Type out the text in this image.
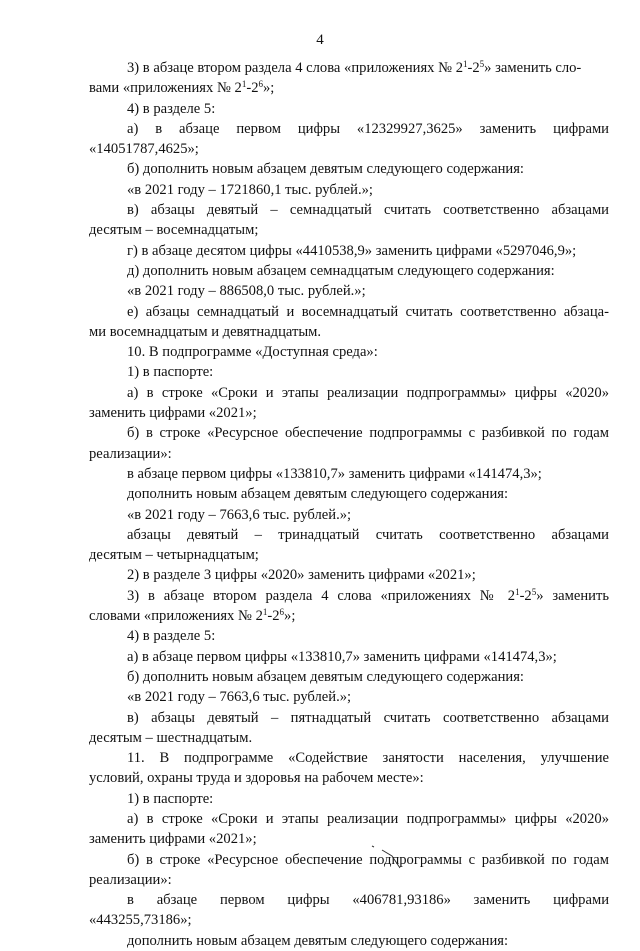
4
3) в абзаце втором раздела 4 слова «приложениях № $2^1-2^5$» заменить сло-
вами «приложениях № $2^1-2^6$»;
4) в разделе 5:
а) в абзаце первом цифры «12329927,3625» заменить цифрами
«14051787,4625»;
б) дополнить новым абзацем девятым следующего содержания:
«в 2021 году – 1721860,1 тыс. рублей.»;
в) абзацы девятый – семнадцатый считать соответственно абзацами
десятым – восемнадцатым;
г) в абзаце десятом цифры «4410538,9» заменить цифрами «5297046,9»;
д) дополнить новым абзацем семнадцатым следующего содержания:
«в 2021 году – 886508,0 тыс. рублей.»;
е) абзацы семнадцатый и восемнадцатый считать соответственно абзаца-
ми восемнадцатым и девятнадцатым.
10. В подпрограмме «Доступная среда»:
1) в паспорте:
а) в строке «Сроки и этапы реализации подпрограммы» цифры «2020»
заменить цифрами «2021»;
б) в строке «Ресурсное обеспечение подпрограммы с разбивкой по годам
реализации»:
в абзаце первом цифры «133810,7» заменить цифрами «141474,3»;
дополнить новым абзацем девятым следующего содержания:
«в 2021 году – 7663,6 тыс. рублей.»;
абзацы девятый – тринадцатый считать соответственно абзацами
десятым – четырнадцатым;
2) в разделе 3 цифры «2020» заменить цифрами «2021»;
3) в абзаце втором раздела 4 слова «приложениях № $2^1-2^5$» заменить
словами «приложениях № $2^1-2^6$»;
4) в разделе 5:
а) в абзаце первом цифры «133810,7» заменить цифрами «141474,3»;
б) дополнить новым абзацем девятым следующего содержания:
«в 2021 году – 7663,6 тыс. рублей.»;
в) абзацы девятый – пятнадцатый считать соответственно абзацами
десятым – шестнадцатым.
11. В подпрограмме «Содействие занятости населения, улучшение
условий, охраны труда и здоровья на рабочем месте»:
1) в паспорте:
а) в строке «Сроки и этапы реализации подпрограммы» цифры «2020»
заменить цифрами «2021»;
б) в строке «Ресурсное обеспечение подпрограммы с разбивкой по годам
реализации»:
в абзаце первом цифры «406781,93186» заменить цифрами
«443255,73186»;
дополнить новым абзацем девятым следующего содержания:
